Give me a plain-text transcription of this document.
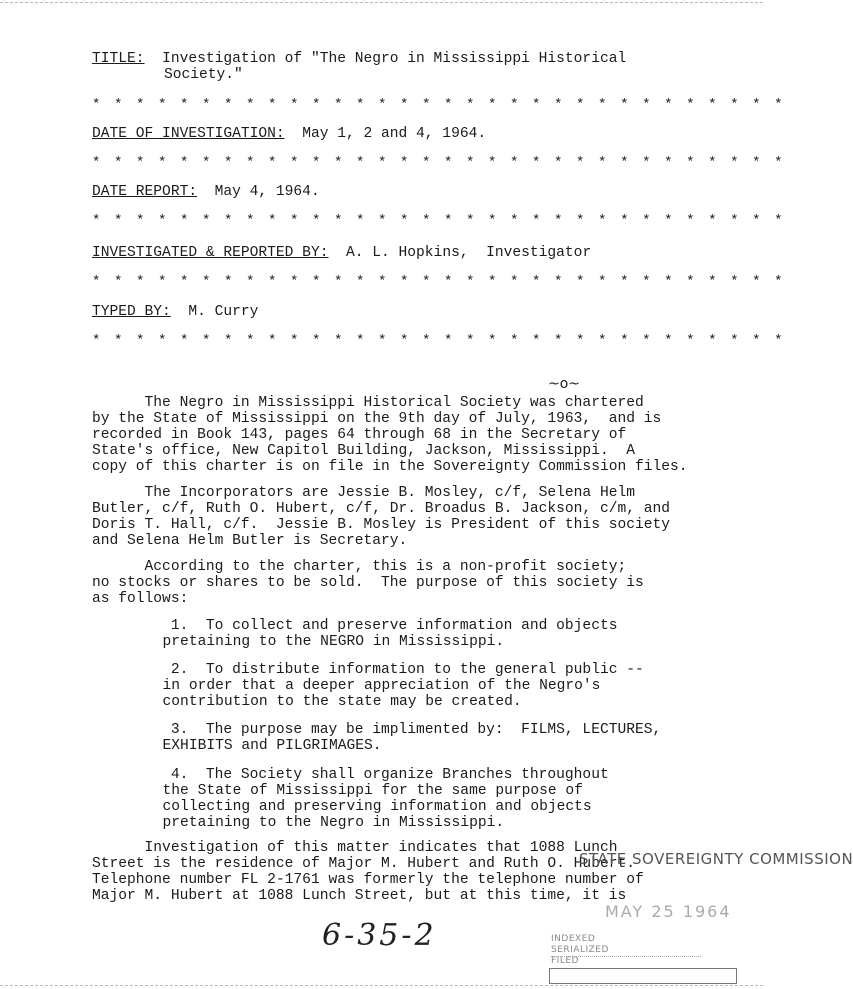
TITLE: Investigation of "The Negro in Mississippi Historical
Society."
* * * * * * * * * * * * * * * * * * * * * * * * * * * * * * * *
DATE OF INVESTIGATION: May 1, 2 and 4, 1964.
* * * * * * * * * * * * * * * * * * * * * * * * * * * * * * * *
DATE REPORT: May 4, 1964.
* * * * * * * * * * * * * * * * * * * * * * * * * * * * * * * *
INVESTIGATED & REPORTED BY: A. L. Hopkins,  Investigator
* * * * * * * * * * * * * * * * * * * * * * * * * * * * * * * *
TYPED BY: M. Curry
* * * * * * * * * * * * * * * * * * * * * * * * * * * * * * * *
The Negro in Mississippi Historical Society was chartered
by the State of Mississippi on the 9th day of July, 1963,  and is
recorded in Book 143, pages 64 through 68 in the Secretary of
State's office, New Capitol Building, Jackson, Mississippi.  A
copy of this charter is on file in the Sovereignty Commission files.
~o~
The Incorporators are Jessie B. Mosley, c/f, Selena Helm
Butler, c/f, Ruth O. Hubert, c/f, Dr. Broadus B. Jackson, c/m, and
Doris T. Hall, c/f.  Jessie B. Mosley is President of this society
and Selena Helm Butler is Secretary.
According to the charter, this is a non-profit society;
no stocks or shares to be sold.  The purpose of this society is
as follows:
1.  To collect and preserve information and objects
pretaining to the NEGRO in Mississippi.
2.  To distribute information to the general public --
in order that a deeper appreciation of the Negro's
contribution to the state may be created.
3.  The purpose may be implimented by:  FILMS, LECTURES,
EXHIBITS and PILGRIMAGES.
4.  The Society shall organize Branches throughout
the State of Mississippi for the same purpose of
collecting and preserving information and objects
pretaining to the Negro in Mississippi.
Investigation of this matter indicates that 1088 Lunch
Street is the residence of Major M. Hubert and Ruth O. Hubert.
Telephone number FL 2-1761 was formerly the telephone number of
Major M. Hubert at 1088 Lunch Street, but at this time, it is
6-35-2
STATE SOVEREIGNTY COMMISSION
MAY 25 1964
INDEXED
SERIALIZED
FILED
